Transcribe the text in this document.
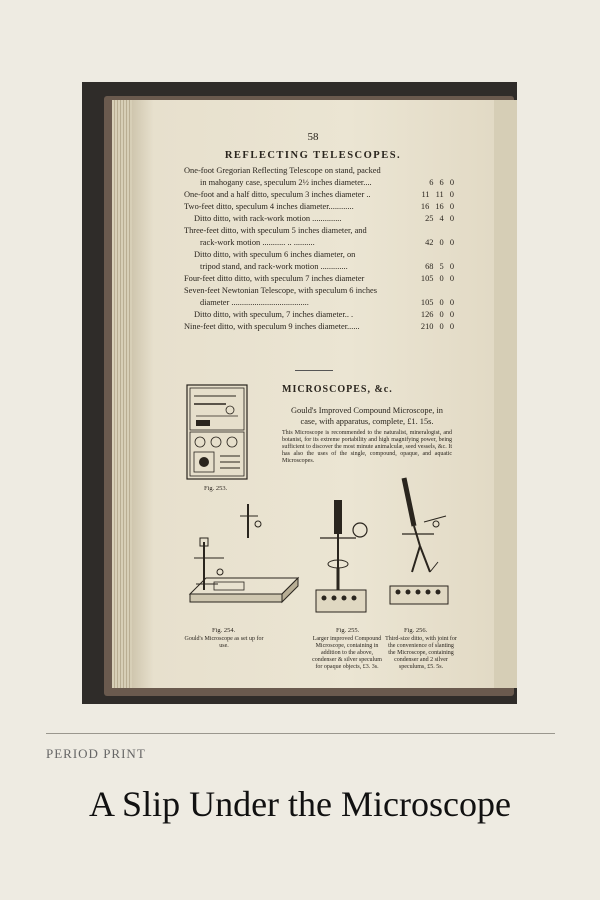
58
REFLECTING TELESCOPES.
One-foot Gregorian Reflecting Telescope on stand, packed
in mahogany case, speculum 2½ inches diameter....	6 6 0
One-foot and a half ditto, speculum 3 inches diameter ..	11 11 0
Two-feet ditto, speculum 4 inches diameter............	16 16 0
Ditto ditto, with rack-work motion ..............	25 4 0
Three-feet ditto, with speculum 5 inches diameter, and
rack-work motion ........... .. ..........	42 0 0
Ditto ditto, with speculum 6 inches diameter, on
tripod stand, and rack-work motion .............	68 5 0
Four-feet ditto ditto, with speculum 7 inches diameter	105 0 0
Seven-feet Newtonian Telescope, with speculum 6 inches
diameter .....................................	105 0 0
Ditto ditto, with speculum, 7 inches diameter.. .	126 0 0
Nine-feet ditto, with speculum 9 inches diameter......	210 0 0
Fig. 253.
MICROSCOPES, &c.
Gould's Improved Compound Microscope, in case, with apparatus, complete, £1. 15s.
This Microscope is recommended to the naturalist, mineralogist, and botanist, for its extreme portability and high magnifying power, being sufficient to discover the most minute animalculæ, seed vessels, &c. It has also the uses of the single, compound, opaque, and aquatic Microscopes.
Fig. 254.
Gould's Microscope as set up for use.
Fig. 255.
Larger improved Compound Microscope, containing in addition to the above, condenser & silver speculum for opaque objects, £3. 3s.
Fig. 256.
Third-size ditto, with joint for the convenience of slanting the Microscope, containing condenser and 2 silver speculums, £5. 5s.
PERIOD PRINT
A Slip Under the Microscope
